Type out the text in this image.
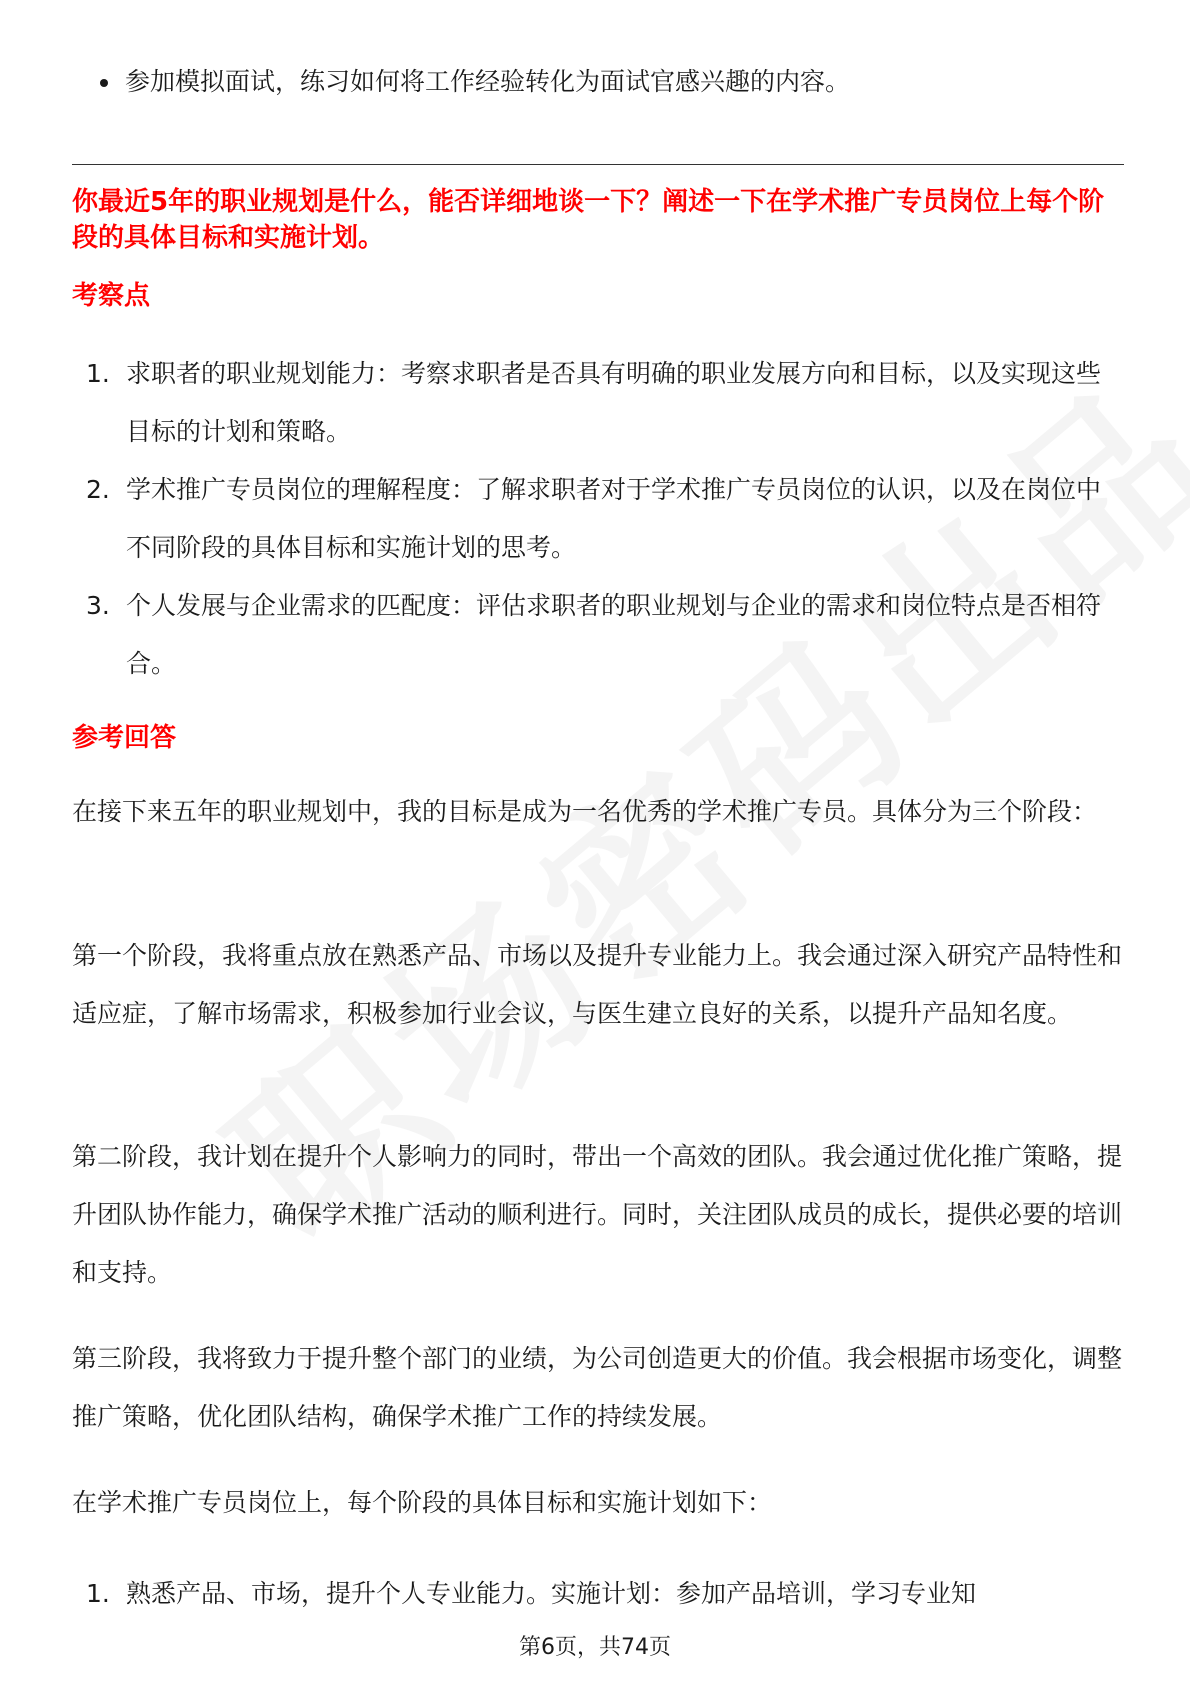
参加模拟面试，练习如何将工作经验转化为面试官感兴趣的内容。
你最近5年的职业规划是什么，能否详细地谈一下？阐述一下在学术推广专员岗位上每个阶段的具体目标和实施计划。
考察点
1. 求职者的职业规划能力：考察求职者是否具有明确的职业发展方向和目标，以及实现这些目标的计划和策略。
2. 学术推广专员岗位的理解程度：了解求职者对于学术推广专员岗位的认识，以及在岗位中不同阶段的具体目标和实施计划的思考。
3. 个人发展与企业需求的匹配度：评估求职者的职业规划与企业的需求和岗位特点是否相符合。
参考回答
在接下来五年的职业规划中，我的目标是成为一名优秀的学术推广专员。具体分为三个阶段：
第一个阶段，我将重点放在熟悉产品、市场以及提升专业能力上。我会通过深入研究产品特性和适应症，了解市场需求，积极参加行业会议，与医生建立良好的关系，以提升产品知名度。
第二阶段，我计划在提升个人影响力的同时，带出一个高效的团队。我会通过优化推广策略，提升团队协作能力，确保学术推广活动的顺利进行。同时，关注团队成员的成长，提供必要的培训和支持。
第三阶段，我将致力于提升整个部门的业绩，为公司创造更大的价值。我会根据市场变化，调整推广策略，优化团队结构，确保学术推广工作的持续发展。
在学术推广专员岗位上，每个阶段的具体目标和实施计划如下：
1. 熟悉产品、市场，提升个人专业能力。实施计划：参加产品培训，学习专业知
第6页，共74页
